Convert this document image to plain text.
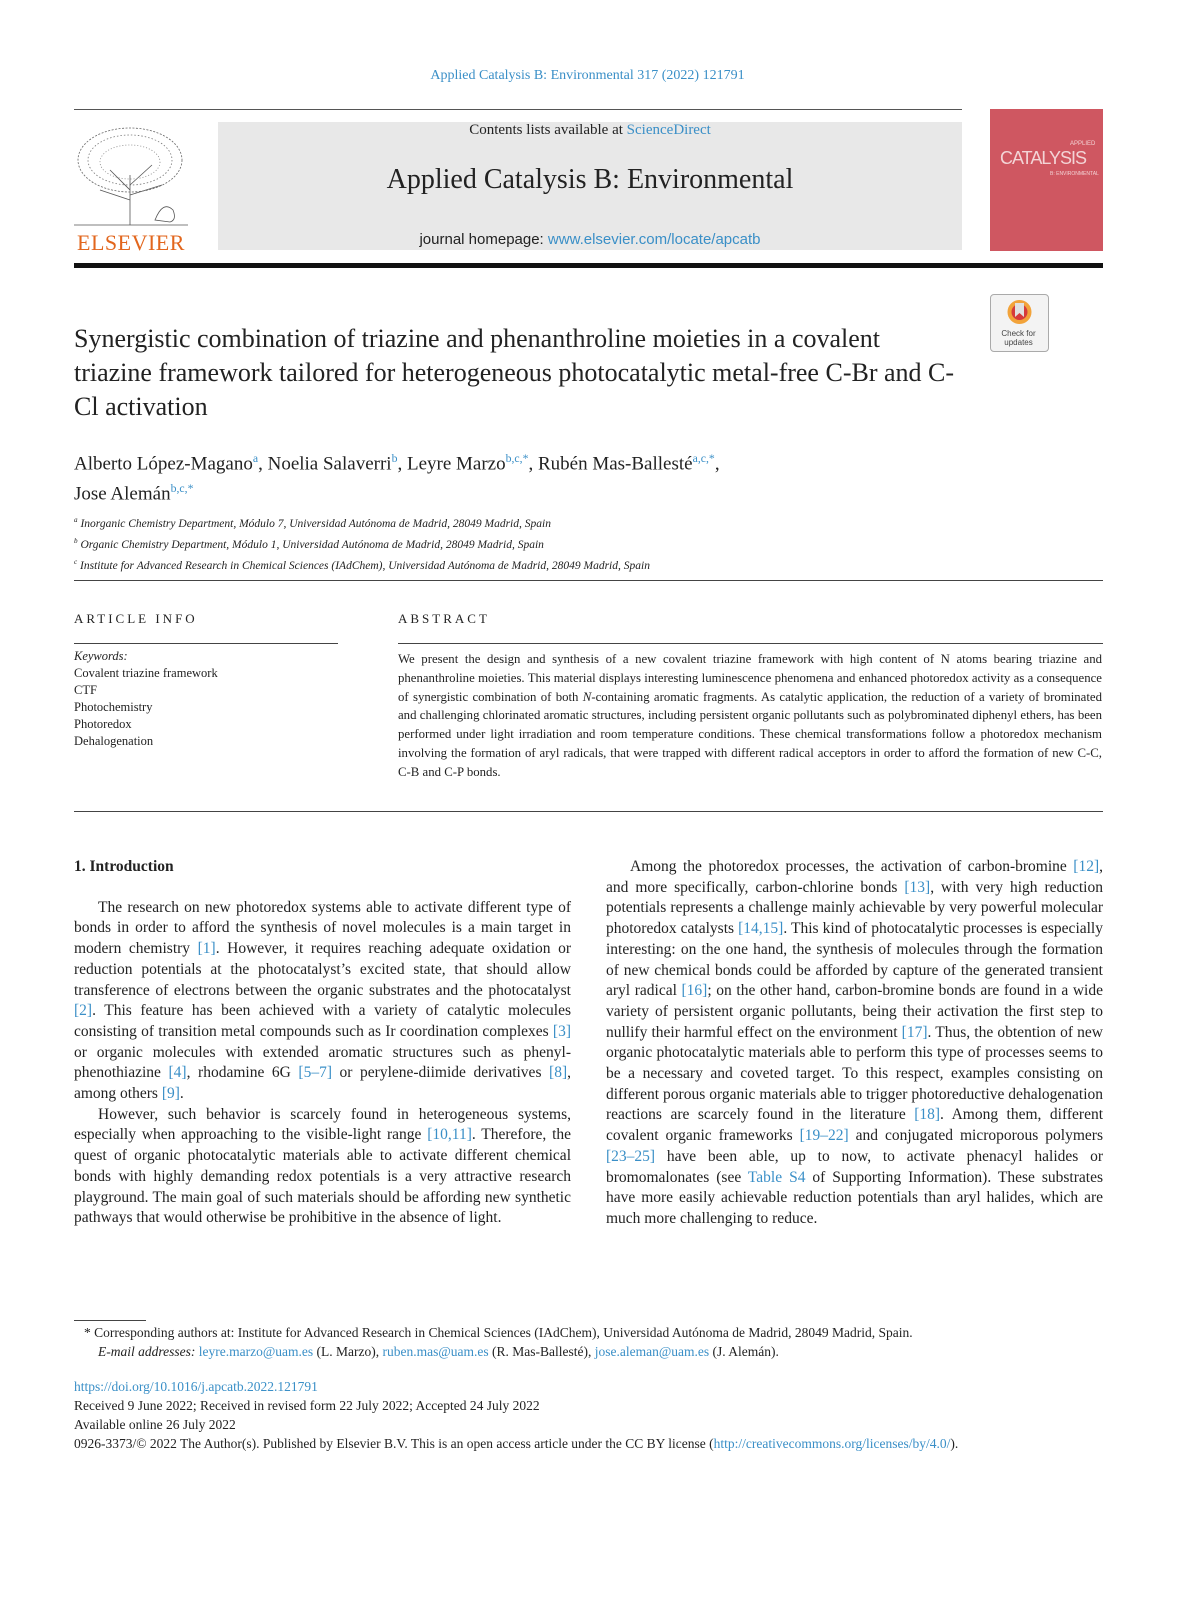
Applied Catalysis B: Environmental 317 (2022) 121791
ELSEVIER
Contents lists available at ScienceDirect
Applied Catalysis B: Environmental
journal homepage: www.elsevier.com/locate/apcatb
APPLIED
CATALYSIS
B: ENVIRONMENTAL
Check for updates
Synergistic combination of triazine and phenanthroline moieties in a covalent triazine framework tailored for heterogeneous photocatalytic metal-free C-Br and C-Cl activation
Alberto López-Magano$^a$, Noelia Salaverri$^b$, Leyre Marzo$^{b,c,*}$, Rubén Mas-Ballesté$^{a,c,*}$,
Jose Alemán$^{b,c,*}$
$^a$ Inorganic Chemistry Department, Módulo 7, Universidad Autónoma de Madrid, 28049 Madrid, Spain
$^b$ Organic Chemistry Department, Módulo 1, Universidad Autónoma de Madrid, 28049 Madrid, Spain
$^c$ Institute for Advanced Research in Chemical Sciences (IAdChem), Universidad Autónoma de Madrid, 28049 Madrid, Spain
ARTICLE INFO	ABSTRACT
Keywords:
Covalent triazine framework
CTF
Photochemistry
Photoredox
Dehalogenation
We present the design and synthesis of a new covalent triazine framework with high content of N atoms bearing triazine and phenanthroline moieties. This material displays interesting luminescence phenomena and enhanced photoredox activity as a consequence of synergistic combination of both N-containing aromatic fragments. As catalytic application, the reduction of a variety of brominated and challenging chlorinated aromatic structures, including persistent organic pollutants such as polybrominated diphenyl ethers, has been performed under light irradiation and room temperature conditions. These chemical transformations follow a photoredox mechanism involving the formation of aryl radicals, that were trapped with different radical acceptors in order to afford the formation of new C-C, C-B and C-P bonds.
1. Introduction

The research on new photoredox systems able to activate different type of bonds in order to afford the synthesis of novel molecules is a main target in modern chemistry [1]. However, it requires reaching adequate oxidation or reduction potentials at the photocatalyst’s excited state, that should allow transference of electrons between the organic substrates and the photocatalyst [2]. This feature has been achieved with a variety of catalytic molecules consisting of transition metal compounds such as Ir coordination complexes [3] or organic molecules with extended aromatic structures such as phenyl-phenothiazine [4], rhodamine 6G [5–7] or perylene-diimide derivatives [8], among others [9].

However, such behavior is scarcely found in heterogeneous systems, especially when approaching to the visible-light range [10,11]. Therefore, the quest of organic photocatalytic materials able to activate different chemical bonds with highly demanding redox potentials is a very attractive research playground. The main goal of such materials should be affording new synthetic pathways that would otherwise be prohibitive in the absence of light.

Among the photoredox processes, the activation of carbon-bromine [12], and more specifically, carbon-chlorine bonds [13], with very high reduction potentials represents a challenge mainly achievable by very powerful molecular photoredox catalysts [14,15]. This kind of photocatalytic processes is especially interesting: on the one hand, the synthesis of molecules through the formation of new chemical bonds could be afforded by capture of the generated transient aryl radical [16]; on the other hand, carbon-bromine bonds are found in a wide variety of persistent organic pollutants, being their activation the first step to nullify their harmful effect on the environment [17]. Thus, the obtention of new organic photocatalytic materials able to perform this type of processes seems to be a necessary and coveted target. To this respect, examples consisting on different porous organic materials able to trigger photoreductive dehalogenation reactions are scarcely found in the literature [18]. Among them, different covalent organic frameworks [19–22] and conjugated microporous polymers [23–25] have been able, up to now, to activate phenacyl halides or bromomalonates (see Table S4 of Supporting Information). These substrates have more easily achievable reduction potentials than aryl halides, which are much more challenging to reduce.

* Corresponding authors at: Institute for Advanced Research in Chemical Sciences (IAdChem), Universidad Autónoma de Madrid, 28049 Madrid, Spain.
E-mail addresses: leyre.marzo@uam.es (L. Marzo), ruben.mas@uam.es (R. Mas-Ballesté), jose.aleman@uam.es (J. Alemán).
https://doi.org/10.1016/j.apcatb.2022.121791
Received 9 June 2022; Received in revised form 22 July 2022; Accepted 24 July 2022
Available online 26 July 2022
0926-3373/© 2022 The Author(s). Published by Elsevier B.V. This is an open access article under the CC BY license (http://creativecommons.org/licenses/by/4.0/).
